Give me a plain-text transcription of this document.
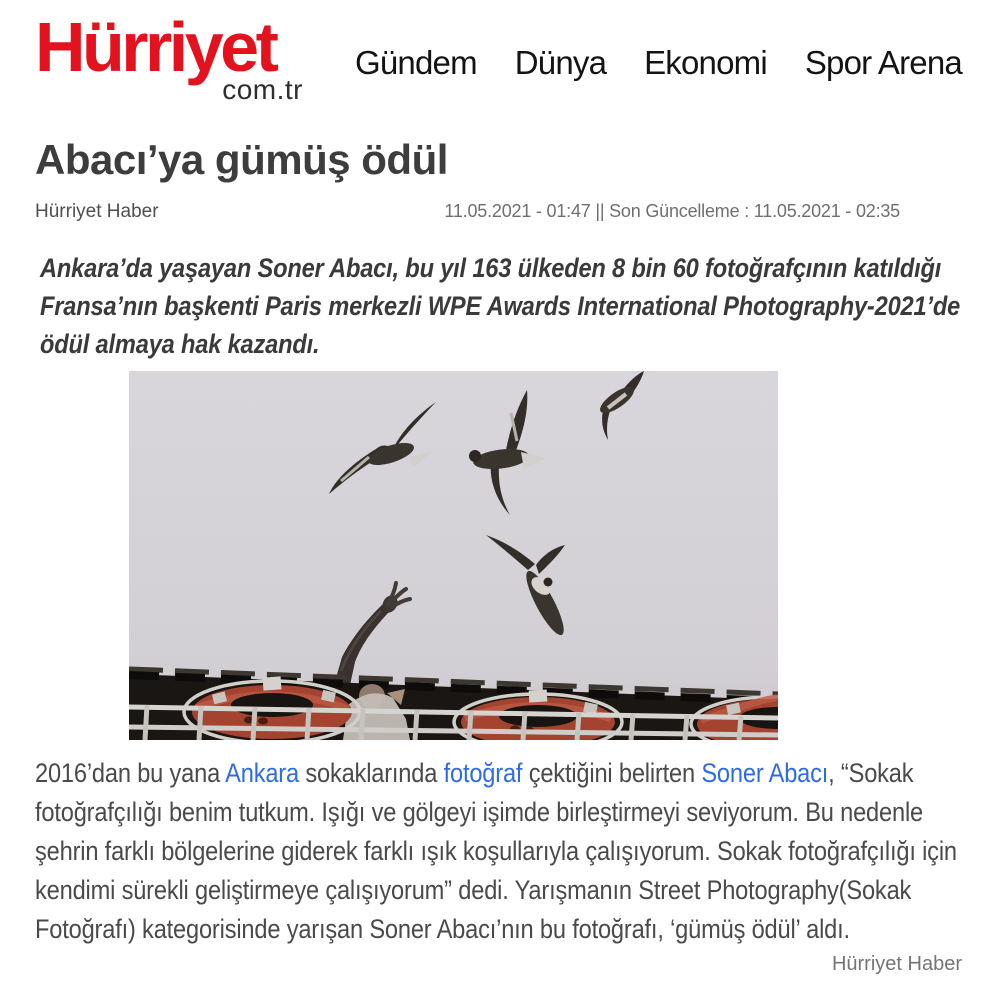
Hürriyet
com.tr
Gündem Dünya Ekonomi Spor Arena
Abacı’ya gümüş ödül
Hürriyet Haber	11.05.2021 - 01:47 || Son Güncelleme : 11.05.2021 - 02:35

Ankara’da yaşayan Soner Abacı, bu yıl 163 ülkeden 8 bin 60 fotoğrafçının katıldığı Fransa’nın başkenti Paris merkezli WPE Awards International Photography-2021’de ödül almaya hak kazandı.

2016’dan bu yana Ankara sokaklarında fotoğraf çektiğini belirten Soner Abacı, “Sokak fotoğrafçılığı benim tutkum. Işığı ve gölgeyi işimde birleştirmeyi seviyorum. Bu nedenle şehrin farklı bölgelerine giderek farklı ışık koşullarıyla çalışıyorum. Sokak fotoğrafçılığı için kendimi sürekli geliştirmeye çalışıyorum” dedi. Yarışmanın Street Photography(Sokak Fotoğrafı) kategorisinde yarışan Soner Abacı’nın bu fotoğrafı, ‘gümüş ödül’ aldı.

Hürriyet Haber
